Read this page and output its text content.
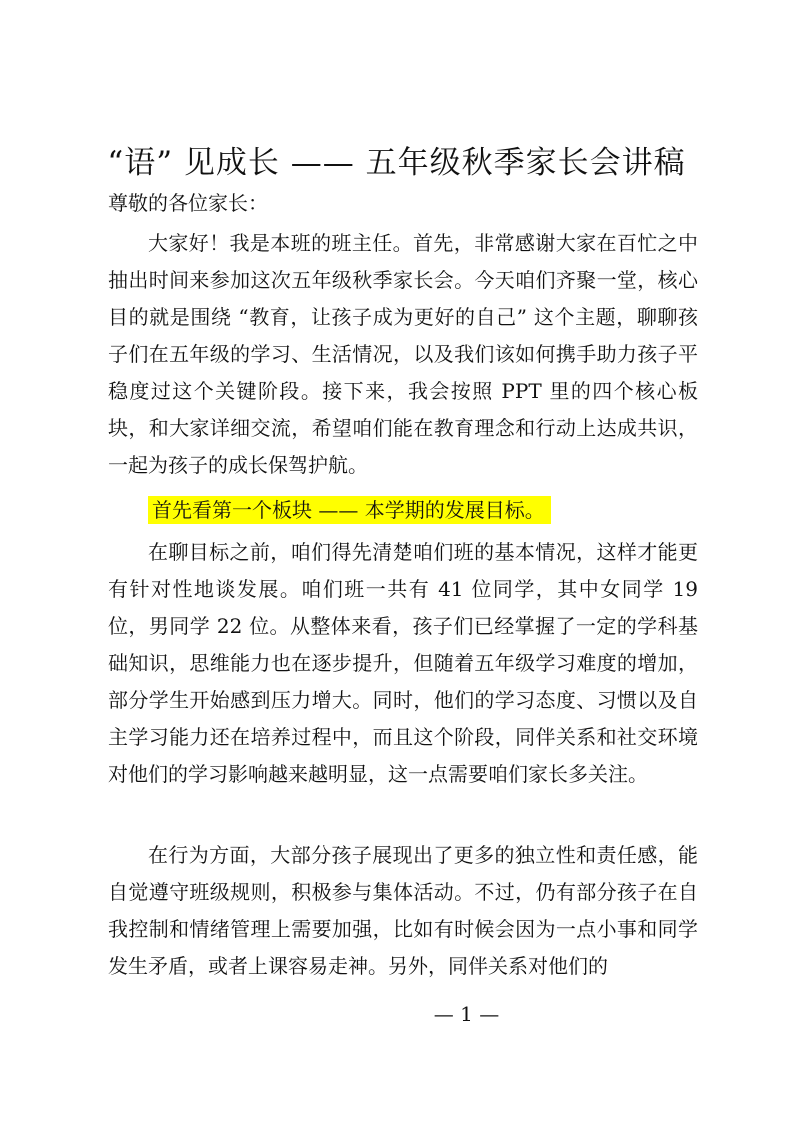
“语” 见成长 —— 五年级秋季家长会讲稿
尊敬的各位家长：

大家好！我是本班的班主任。首先，非常感谢大家在百忙之中抽出时间来参加这次五年级秋季家长会。今天咱们齐聚一堂，核心目的就是围绕 “教育，让孩子成为更好的自己” 这个主题，聊聊孩子们在五年级的学习、生活情况，以及我们该如何携手助力孩子平稳度过这个关键阶段。接下来，我会按照 PPT 里的四个核心板块，和大家详细交流，希望咱们能在教育理念和行动上达成共识，一起为孩子的成长保驾护航。

首先看第一个板块 —— 本学期的发展目标。

在聊目标之前，咱们得先清楚咱们班的基本情况，这样才能更有针对性地谈发展。咱们班一共有 41 位同学，其中女同学 19 位，男同学 22 位。从整体来看，孩子们已经掌握了一定的学科基础知识，思维能力也在逐步提升，但随着五年级学习难度的增加，部分学生开始感到压力增大。同时，他们的学习态度、习惯以及自主学习能力还在培养过程中，而且这个阶段，同伴关系和社交环境对他们的学习影响越来越明显，这一点需要咱们家长多关注。

在行为方面，大部分孩子展现出了更多的独立性和责任感，能自觉遵守班级规则，积极参与集体活动。不过，仍有部分孩子在自我控制和情绪管理上需要加强，比如有时候会因为一点小事和同学发生矛盾，或者上课容易走神。另外，同伴关系对他们的

— 1 —
